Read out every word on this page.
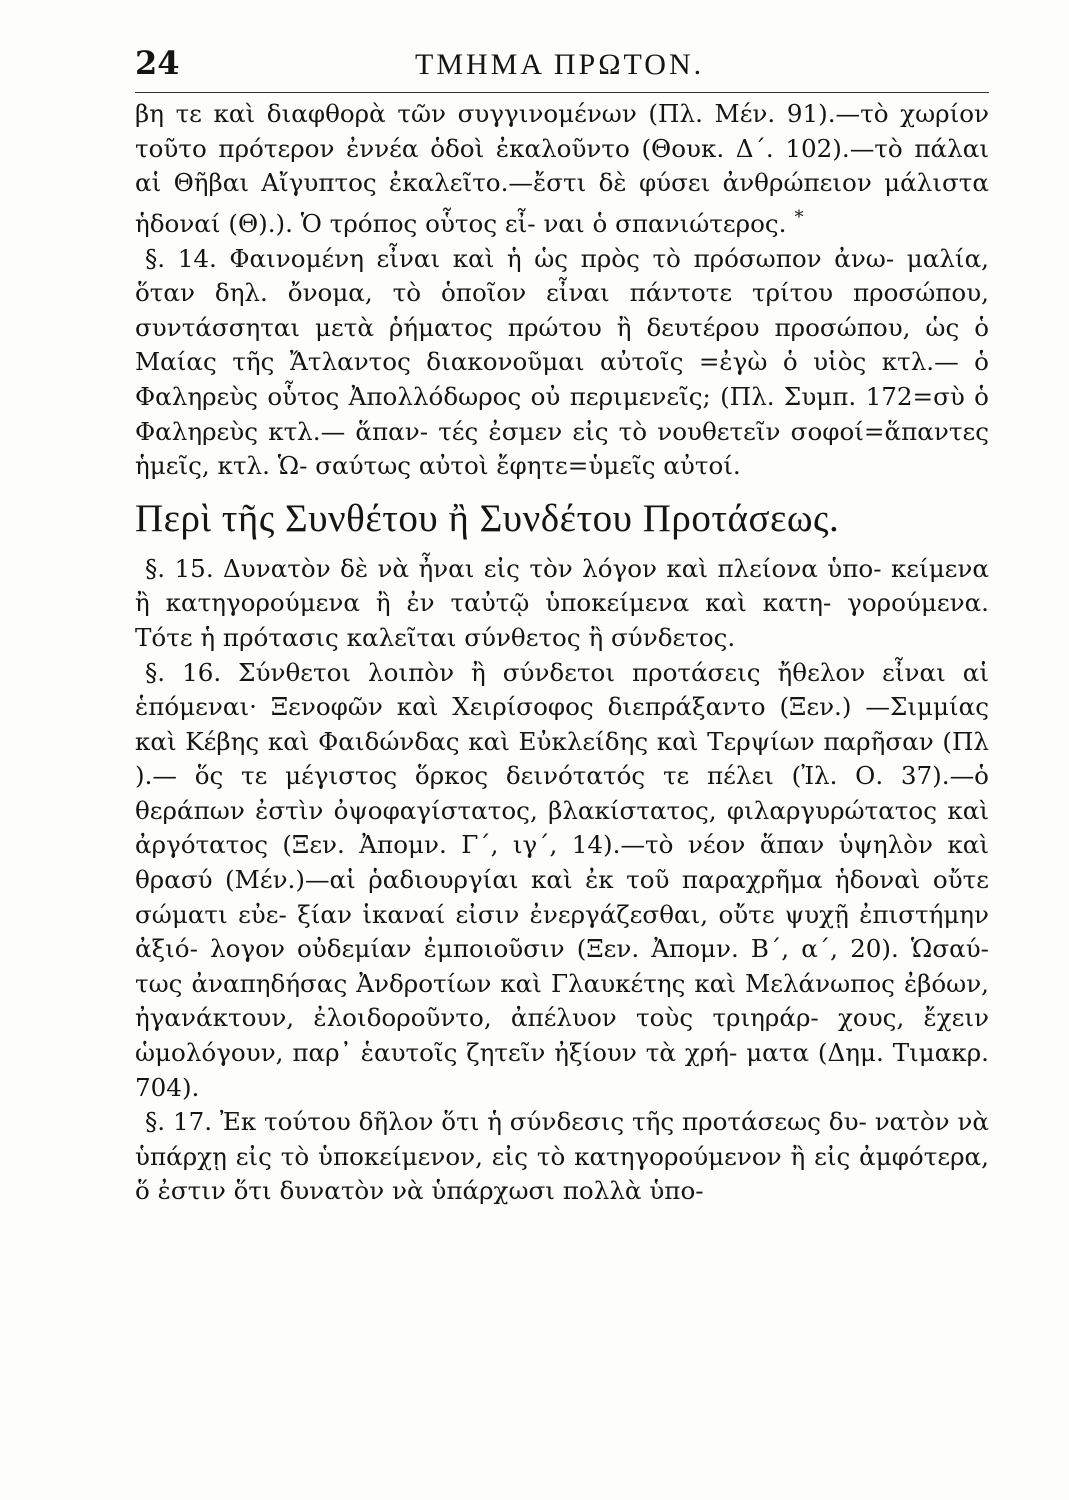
24	ΤΜΗΜΑ ΠΡΩΤΟΝ.

βη τε καὶ διαφθορὰ τῶν συγγινομένων (Πλ. Μέν. 91).—τὸ χωρίον τοῦτο πρότερον ἐννέα ὁδοὶ ἐκαλοῦντο (Θουκ. Δ΄. 102).—τὸ πάλαι αἱ Θῆβαι Αἴγυπτος ἐκαλεῖτο.—ἔστι δὲ φύσει ἀνθρώπειον μάλιστα ἡδοναί (Θ).). Ὁ τρόπος οὗτος εἶ- ναι ὁ σπανιώτερος. *

§. 14. Φαινομένη εἶναι καὶ ἡ ὡς πρὸς τὸ πρόσωπον ἀνω- μαλία, ὅταν δηλ. ὄνομα, τὸ ὁποῖον εἶναι πάντοτε τρίτου προσώπου, συντάσσηται μετὰ ῥήματος πρώτου ἢ δευτέρου προσώπου, ὡς ὁ Μαίας τῆς Ἄτλαντος διακονοῦμαι αὐτοῖς =ἐγὼ ὁ υἱὸς κτλ.— ὁ Φαληρεὺς οὗτος Ἀπολλόδωρος οὐ περιμενεῖς; (Πλ. Συμπ. 172=σὺ ὁ Φαληρεὺς κτλ.— ἅπαν- τές ἐσμεν εἰς τὸ νουθετεῖν σοφοί=ἅπαντες ἡμεῖς, κτλ. Ὡ- σαύτως αὐτοὶ ἔφητε=ὑμεῖς αὐτοί.

Περὶ τῆς Συνθέτου ἢ Συνδέτου Προτάσεως.

§. 15. Δυνατὸν δὲ νὰ ἦναι εἰς τὸν λόγον καὶ πλείονα ὑπο- κείμενα ἢ κατηγορούμενα ἢ ἐν ταὐτῷ ὑποκείμενα καὶ κατη- γορούμενα. Τότε ἡ πρότασις καλεῖται σύνθετος ἢ σύνδετος.

§. 16. Σύνθετοι λοιπὸν ἢ σύνδετοι προτάσεις ἤθελον εἶναι αἱ ἑπόμεναι· Ξενοφῶν καὶ Χειρίσοφος διεπράξαντο (Ξεν.) —Σιμμίας καὶ Κέβης καὶ Φαιδώνδας καὶ Εὐκλείδης καὶ Τερψίων παρῆσαν (Πλ ).— ὅς τε μέγιστος ὅρκος δεινότατός τε πέλει (Ἰλ. Ο. 37).—ὁ θεράπων ἐστὶν ὀψοφαγίστατος, βλακίστατος, φιλαργυρώτατος καὶ ἀργότατος (Ξεν. Ἀπομν. Γ΄, ιγ΄, 14).—τὸ νέον ἅπαν ὑψηλὸν καὶ θρασύ (Μέν.)—αἱ ῥαδιουργίαι καὶ ἐκ τοῦ παραχρῆμα ἡδοναὶ οὔτε σώματι εὐε- ξίαν ἱκαναί εἰσιν ἐνεργάζεσθαι, οὔτε ψυχῇ ἐπιστήμην ἀξιό- λογον οὐδεμίαν ἐμποιοῦσιν (Ξεν. Ἀπομν. Β΄, α΄, 20). Ὡσαύ- τως ἀναπηδήσας Ἀνδροτίων καὶ Γλαυκέτης καὶ Μελάνωπος ἐβόων, ἠγανάκτουν, ἐλοιδοροῦντο, ἀπέλυον τοὺς τριηράρ- χους, ἔχειν ὡμολόγουν, παρ᾿ ἑαυτοῖς ζητεῖν ἠξίουν τὰ χρή- ματα (Δημ. Τιμακρ. 704).

§. 17. Ἐκ τούτου δῆλον ὅτι ἡ σύνδεσις τῆς προτάσεως δυ- νατὸν νὰ ὑπάρχῃ εἰς τὸ ὑποκείμενον, εἰς τὸ κατηγορούμενον ἢ εἰς ἀμφότερα, ὅ ἐστιν ὅτι δυνατὸν νὰ ὑπάρχωσι πολλὰ ὑπο-
